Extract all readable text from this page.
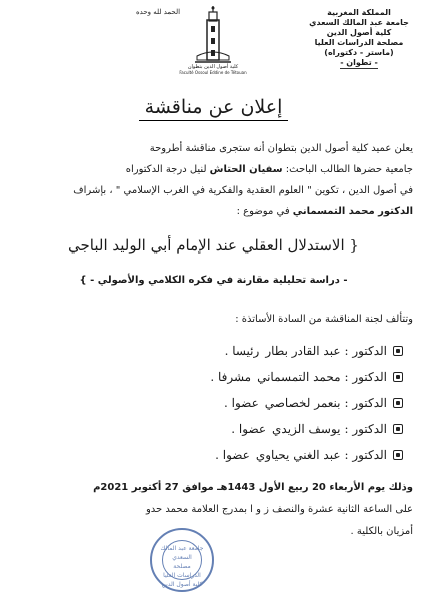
المملكة المغربية
جامعة عبد المالك السعدي
كلية أصول الدين
مصلحة الدراسات العليا
(ماستر - دكتوراه)
- تطوان -
الحمد لله وحده
كلية أصول الدين بتطوان
Faculté Ossoul Eddine de Tétouan
إعلان عن مناقشة
يعلن عميد كلية أصول الدين بتطوان أنه ستجرى مناقشة أطروحة
جامعية حضرها الطالب الباحث: سفيان الحتاش لنيل درجة الدكتوراه
في أصول الدين ، تكوين " العلوم العقدية والفكرية في الغرب الإسلامي " ، بإشراف
الدكتور محمد التمسماني في موضوع :
{ الاستدلال العقلي عند الإمام أبي الوليد الباجي
- دراسة تحليلية مقارنة في فكره الكلامي والأصولي - }
وتتألف لجنة المناقشة من السادة الأساتذة :
الدكتور :
عبد القادر بطار
رئيسا .
الدكتور :
محمد التمسماني
مشرفا .
الدكتور :
بنعمر لخصاصي
عضوا .
الدكتور :
يوسف الزيدي
عضوا .
الدكتور :
عبد الغني يحياوي
عضوا .
وذلك يوم الأربعاء 20 ربيع الأول 1443هـ موافق 27 أكتوبر 2021م
على الساعة الثانية عشرة والنصف ز و ا بمدرج العلامة محمد حدو
أمزيان بالكلية .
جامعة عبد المالك السعدي
مصلحة
الدراسات العليا
كلية أصول الدين
